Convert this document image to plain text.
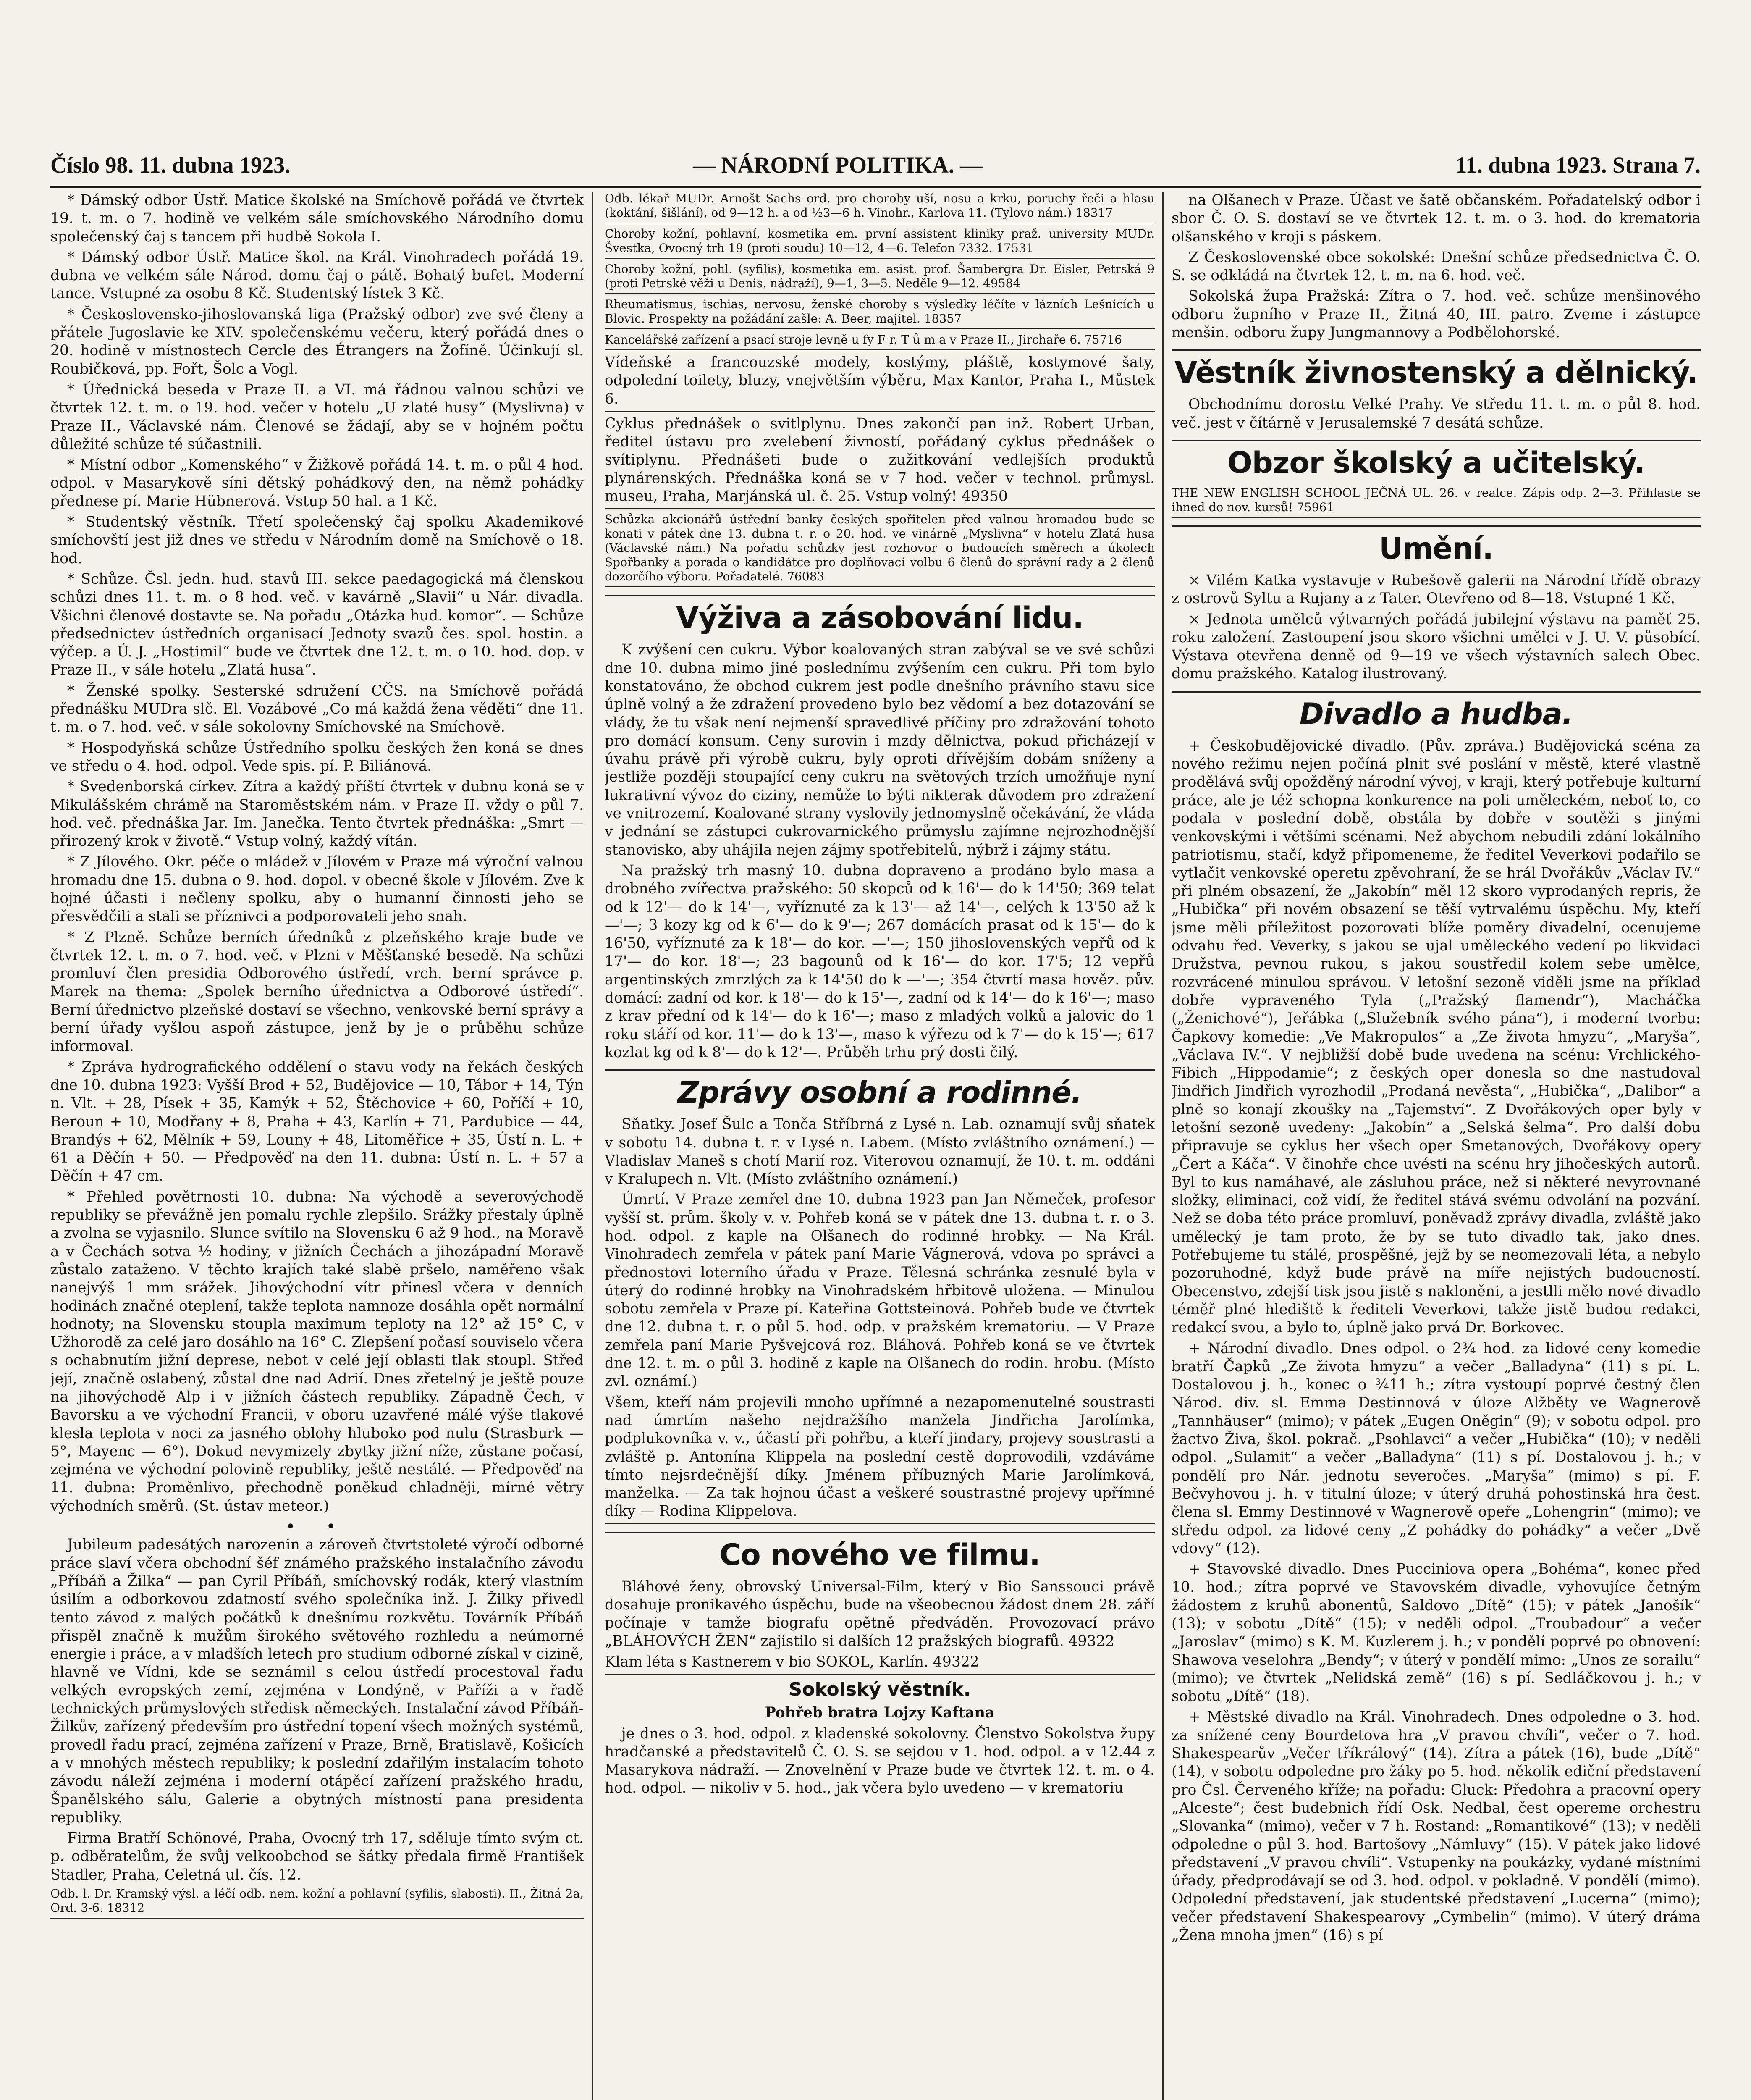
Číslo 98. 11. dubna 1923.	— NÁRODNÍ POLITIKA. —	11. dubna 1923. Strana 7.

* Dámský odbor Ústř. Matice školské na Smíchově pořádá ve čtvrtek 19. t. m. o 7. hodině ve velkém sále smíchovského Národního domu společenský čaj s tancem při hudbě Sokola I.

* Dámský odbor Ústř. Matice škol. na Král. Vinohradech pořádá 19. dubna ve velkém sále Národ. domu čaj o pátě. Bohatý bufet. Moderní tance. Vstupné za osobu 8 Kč. Studentský lístek 3 Kč.

* Československo-jihoslovanská liga (Pražský odbor) zve své členy a přátele Jugoslavie ke XIV. společenskému večeru, který pořádá dnes o 20. hodině v místnostech Cercle des Étrangers na Žofíně. Účinkují sl. Roubičková, pp. Fořt, Šolc a Vogl.

* Úřednická beseda v Praze II. a VI. má řádnou valnou schůzi ve čtvrtek 12. t. m. o 19. hod. večer v hotelu „U zlaté husy“ (Myslivna) v Praze II., Václavské nám. Členové se žádají, aby se v hojném počtu důležité schůze té súčastnili.

* Místní odbor „Komenského“ v Žižkově pořádá 14. t. m. o půl 4 hod. odpol. v Masarykově síni dětský pohádkový den, na němž pohádky přednese pí. Marie Hübnerová. Vstup 50 hal. a 1 Kč.

* Studentský věstník. Třetí společenský čaj spolku Akademikové smíchovští jest již dnes ve středu v Národním domě na Smíchově o 18. hod.

* Schůze. Čsl. jedn. hud. stavů III. sekce paedagogická má členskou schůzi dnes 11. t. m. o 8 hod. več. v kavárně „Slavii“ u Nár. divadla. Všichni členové dostavte se. Na pořadu „Otázka hud. komor“. — Schůze předsednictev ústředních organisací Jednoty svazů čes. spol. hostin. a výčep. a Ú. J. „Hostimil“ bude ve čtvrtek dne 12. t. m. o 10. hod. dop. v Praze II., v sále hotelu „Zlatá husa“.

* Ženské spolky. Sesterské sdružení CČS. na Smíchově pořádá přednášku MUDra slč. El. Vozábové „Co má každá žena věděti“ dne 11. t. m. o 7. hod. več. v sále sokolovny Smíchovské na Smíchově.

* Hospodyňská schůze Ústředního spolku českých žen koná se dnes ve středu o 4. hod. odpol. Vede spis. pí. P. Biliánová.

* Svedenborská církev. Zítra a každý příští čtvrtek v dubnu koná se v Mikulášském chrámě na Staroměstském nám. v Praze II. vždy o půl 7. hod. več. přednáška Jar. Im. Janečka. Tento čtvrtek přednáška: „Smrt — přirozený krok v životě.“ Vstup volný, každý vítán.

* Z Jílového. Okr. péče o mládež v Jílovém v Praze má výroční valnou hromadu dne 15. dubna o 9. hod. dopol. v obecné škole v Jílovém. Zve k hojné účasti i nečleny spolku, aby o humanní činnosti jeho se přesvědčili a stali se příznivci a podporovateli jeho snah.

* Z Plzně. Schůze berních úředníků z plzeňského kraje bude ve čtvrtek 12. t. m. o 7. hod. več. v Plzni v Měšťanské besedě. Na schůzi promluví člen presidia Odborového ústředí, vrch. berní správce p. Marek na thema: „Spolek berního úřednictva a Odborové ústředí“. Berní úřednictvo plzeňské dostaví se všechno, venkovské berní správy a berní úřady vyšlou aspoň zástupce, jenž by je o průběhu schůze informoval.

* Zpráva hydrografického oddělení o stavu vody na řekách českých dne 10. dubna 1923: Vyšší Brod + 52, Budějovice — 10, Tábor + 14, Týn n. Vlt. + 28, Písek + 35, Kamýk + 52, Štěchovice + 60, Poříčí + 10, Beroun + 10, Modřany + 8, Praha + 43, Karlín + 71, Pardubice — 44, Brandýs + 62, Mělník + 59, Louny + 48, Litoměřice + 35, Ústí n. L. + 61 a Děčín + 50. — Předpověď na den 11. dubna: Ústí n. L. + 57 a Děčín + 47 cm.

* Přehled povětrnosti 10. dubna: Na východě a severovýchodě republiky se převážně jen pomalu rychle zlepšilo. Srážky přestaly úplně a zvolna se vyjasnilo. Slunce svítilo na Slovensku 6 až 9 hod., na Moravě a v Čechách sotva ½ hodiny, v jižních Čechách a jihozápadní Moravě zůstalo zataženo. V těchto krajích také slabě pršelo, naměřeno však nanejvýš 1 mm srážek. Jihovýchodní vítr přinesl včera v denních hodinách značné oteplení, takže teplota namnoze dosáhla opět normální hodnoty; na Slovensku stoupla maximum teploty na 12° až 15° C, v Užhorodě za celé jaro dosáhlo na 16° C. Zlepšení počasí souviselo včera s ochabnutím jižní deprese, nebot v celé její oblasti tlak stoupl. Střed její, značně oslabený, zůstal dne nad Adrií. Dnes zřetelný je ještě pouze na jihovýchodě Alp i v jižních částech republiky. Západně Čech, v Bavorsku a ve východní Francii, v oboru uzavřené málé výše tlakové klesla teplota v noci za jasného oblohy hluboko pod nulu (Strasburk — 5°, Mayenc — 6°). Dokud nevymizely zbytky jižní níže, zůstane počasí, zejména ve východní polovině republiky, ještě nestálé. — Předpověď na 11. dubna: Proměnlivo, přechodně poněkud chladněji, mírné větry východních směrů. (St. ústav meteor.)

• •

Jubileum padesátých narozenin a zároveň čtvrtstoleté výročí odborné práce slaví včera obchodní šéf známého pražského instalačního závodu „Příbáň a Žilka“ — pan Cyril Příbáň, smíchovský rodák, který vlastním úsilím a odborkovou zdatností svého společníka inž. J. Žilky přivedl tento závod z malých počátků k dnešnímu rozkvětu. Továrník Příbáň přispěl značně k mužům širokého světového rozhledu a neúmorné energie i práce, a v mladších letech pro studium odborné získal v cizině, hlavně ve Vídni, kde se seznámil s celou ústředí procestoval řadu velkých evropských zemí, zejména v Londýně, v Paříži a v řadě technických průmyslových středisk německých. Instalační závod Příbáň-Žilkův, zařízený především pro ústřední topení všech možných systémů, provedl řadu prací, zejména zařízení v Praze, Brně, Bratislavě, Košicích a v mnohých městech republiky; k poslední zdařilým instalacím tohoto závodu náleží zejména i moderní otápěcí zařízení pražského hradu, Španělského sálu, Galerie a obytných místností pana presidenta republiky.

Firma Bratří Schönové, Praha, Ovocný trh 17, sděluje tímto svým ct. p. odběratelům, že svůj velkoobchod se šátky předala firmě František Stadler, Praha, Celetná ul. čís. 12.

Odb. l. Dr. Kramský výsl. a léčí odb. nem. kožní a pohlavní (syfilis, slabosti). II., Žitná 2a, Ord. 3-6. 18312

Odb. lékař MUDr. Arnošt Sachs ord. pro choroby uší, nosu a krku, poruchy řeči a hlasu (koktání, šišlání), od 9—12 h. a od ½3—6 h. Vinohr., Karlova 11. (Tylovo nám.) 18317

Choroby kožní, pohlavní, kosmetika em. první assistent kliniky praž. university MUDr. Švestka, Ovocný trh 19 (proti soudu) 10—12, 4—6. Telefon 7332. 17531

Choroby kožní, pohl. (syfilis), kosmetika em. asist. prof. Šambergra Dr. Eisler, Petrská 9 (proti Petrské věži u Denis. nádraží), 9—1, 3—5. Neděle 9—12. 49584

Rheumatismus, ischias, nervosu, ženské choroby s výsledky léčíte v lázních Lešnicích u Blovic. Prospekty na požádání zašle: A. Beer, majitel. 18357

Kancelářské zařízení a psací stroje levně u fy F r. T ů m a v Praze II., Jirchaře 6. 75716

Vídeňské a francouzské modely, kostýmy, pláště, kostymové šaty, odpolední toilety, bluzy, vnejvětším výběru, Max Kantor, Praha I., Můstek 6.

Cyklus přednášek o svitlplynu. Dnes zakončí pan inž. Robert Urban, ředitel ústavu pro zvelebení živností, pořádaný cyklus přednášek o svítiplynu. Přednášeti bude o zužitkování vedlejších produktů plynárenských. Přednáška koná se v 7 hod. večer v technol. průmysl. museu, Praha, Marjánská ul. č. 25. Vstup volný! 49350

Schůzka akcionářů ústřední banky českých spořitelen před valnou hromadou bude se konati v pátek dne 13. dubna t. r. o 20. hod. ve vinárně „Myslivna“ v hotelu Zlatá husa (Václavské nám.) Na pořadu schůzky jest rozhovor o budoucích směrech a úkolech Spořbanky a porada o kandidátce pro doplňovací volbu 6 členů do správní rady a 2 členů dozorčího výboru. Pořadatelé. 76083

Výživa a zásobování lidu.

K zvýšení cen cukru. Výbor koalovaných stran zabýval se ve své schůzi dne 10. dubna mimo jiné poslednímu zvýšením cen cukru. Při tom bylo konstatováno, že obchod cukrem jest podle dnešního právního stavu sice úplně volný a že zdražení provedeno bylo bez vědomí a bez dotazování se vlády, že tu však není nejmenší spravedlivé příčiny pro zdražování tohoto pro domácí konsum. Ceny surovin i mzdy dělnictva, pokud přicházejí v úvahu právě při výrobě cukru, byly oproti dřívějším dobám sníženy a jestliže později stoupající ceny cukru na světových trzích umožňuje nyní lukrativní vývoz do ciziny, nemůže to býti nikterak důvodem pro zdražení ve vnitrozemí. Koalované strany vyslovily jednomyslně očekávání, že vláda v jednání se zástupci cukrovarnického průmyslu zajímne nejrozhodnější stanovisko, aby uhájila nejen zájmy spotřebitelů, nýbrž i zájmy státu.

Na pražský trh masný 10. dubna dopraveno a prodáno bylo masa a drobného zvířectva pražského: 50 skopců od k 16'— do k 14'50; 369 telat od k 12'— do k 14'—, vyříznuté za k 13'— až 14'—, celých k 13'50 až k —'—; 3 kozy kg od k 6'— do k 9'—; 267 domácích prasat od k 15'— do k 16'50, vyříznuté za k 18'— do kor. —'—; 150 jihoslovenských vepřů od k 17'— do kor. 18'—; 23 bagounů od k 16'— do kor. 17'5; 12 vepřů argentinských zmrzlých za k 14'50 do k —'—; 354 čtvrtí masa hověz. pův. domácí: zadní od kor. k 18'— do k 15'—, zadní od k 14'— do k 16'—; maso z krav přední od k 14'— do k 16'—; maso z mladých volků a jalovic do 1 roku stáří od kor. 11'— do k 13'—, maso k výřezu od k 7'— do k 15'—; 617 kozlat kg od k 8'— do k 12'—. Průběh trhu prý dosti čilý.

Zprávy osobní a rodinné.

Sňatky. Josef Šulc a Tonča Stříbrná z Lysé n. Lab. oznamují svůj sňatek v sobotu 14. dubna t. r. v Lysé n. Labem. (Místo zvláštního oznámení.) — Vladislav Maneš s chotí Marií roz. Viterovou oznamují, že 10. t. m. oddáni v Kralupech n. Vlt. (Místo zvláštního oznámení.)

Úmrtí. V Praze zemřel dne 10. dubna 1923 pan Jan Němeček, profesor vyšší st. prům. školy v. v. Pohřeb koná se v pátek dne 13. dubna t. r. o 3. hod. odpol. z kaple na Olšanech do rodinné hrobky. — Na Král. Vinohradech zemřela v pátek paní Marie Vágnerová, vdova po správci a přednostovi loterního úřadu v Praze. Tělesná schránka zesnulé byla v úterý do rodinné hrobky na Vinohradském hřbitově uložena. — Minulou sobotu zemřela v Praze pí. Kateřina Gottsteinová. Pohřeb bude ve čtvrtek dne 12. dubna t. r. o půl 5. hod. odp. v pražském krematoriu. — V Praze zemřela paní Marie Pyšvejcová roz. Bláhová. Pohřeb koná se ve čtvrtek dne 12. t. m. o půl 3. hodině z kaple na Olšanech do rodin. hrobu. (Místo zvl. oznámí.)

Všem, kteří nám projevili mnoho upřímné a nezapomenutelné soustrasti nad úmrtím našeho nejdražšího manžela Jindřicha Jarolímka, podplukovníka v. v., účastí při pohřbu, a kteří jindary, projevy soustrasti a zvláště p. Antonína Klippela na poslední cestě doprovodili, vzdáváme tímto nejsrdečnější díky. Jménem příbuzných Marie Jarolímková, manželka. — Za tak hojnou účast a veškeré soustrastné projevy upřímné díky — Rodina Klippelova.

Co nového ve filmu.

Bláhové ženy, obrovský Universal-Film, který v Bio Sanssouci právě dosahuje pronikavého úspěchu, bude na všeobecnou žádost dnem 28. září počínaje v tamže biografu opětně předváděn. Provozovací právo „BLÁHOVÝCH ŽEN“ zajistilo si dalších 12 pražských biografů. 49322

Klam léta s Kastnerem v bio SOKOL, Karlín. 49322

Sokolský věstník.

Pohřeb bratra Lojzy Kaftana

je dnes o 3. hod. odpol. z kladenské sokolovny. Členstvo Sokolstva župy hradčanské a představitelů Č. O. S. se sejdou v 1. hod. odpol. a v 12.44 z Masarykova nádraží. — Znovelnění v Praze bude ve čtvrtek 12. t. m. o 4. hod. odpol. — nikoliv v 5. hod., jak včera bylo uvedeno — v krematoriu

na Olšanech v Praze. Účast ve šatě občanském. Pořadatelský odbor i sbor Č. O. S. dostaví se ve čtvrtek 12. t. m. o 3. hod. do krematoria olšanského v kroji s páskem.

Z Československé obce sokolské: Dnešní schůze předsednictva Č. O. S. se odkládá na čtvrtek 12. t. m. na 6. hod. več.

Sokolská župa Pražská: Zítra o 7. hod. več. schůze menšinového odboru župního v Praze II., Žitná 40, III. patro. Zveme i zástupce menšin. odboru župy Jungmannovy a Podbělohorské.

Věstník živnostenský a dělnický.

Obchodnímu dorostu Velké Prahy. Ve středu 11. t. m. o půl 8. hod. več. jest v čítárně v Jerusalemské 7 desátá schůze.

Obzor školský a učitelský.

THE NEW ENGLISH SCHOOL JEČNÁ UL. 26. v realce. Zápis odp. 2—3. Přihlaste se ihned do nov. kursů! 75961

Umění.

× Vilém Katka vystavuje v Rubešově galerii na Národní třídě obrazy z ostrovů Syltu a Rujany a z Tater. Otevřeno od 8—18. Vstupné 1 Kč.

× Jednota umělců výtvarných pořádá jubilejní výstavu na paměť 25. roku založení. Zastoupení jsou skoro všichni umělci v J. U. V. působící. Výstava otevřena denně od 9—19 ve všech výstavních salech Obec. domu pražského. Katalog ilustrovaný.

Divadlo a hudba.

+ Českobudějovické divadlo. (Pův. zpráva.) Budějovická scéna za nového režimu nejen počíná plnit své poslání v městě, které vlastně prodělává svůj opožděný národní vývoj, v kraji, který potřebuje kulturní práce, ale je též schopna konkurence na poli uměleckém, neboť to, co podala v poslední době, obstála by dobře v soutěži s jinými venkovskými i většími scénami. Než abychom nebudili zdání lokálního patriotismu, stačí, když připomeneme, že ředitel Veverkovi podařilo se vytlačit venkovské operetu zpěvohraní, že se hrál Dvořákův „Václav IV.“ při plném obsazení, že „Jakobín“ měl 12 skoro vyprodaných repris, že „Hubička“ při novém obsazení se těší vytrvalému úspěchu. My, kteří jsme měli příležitost pozorovati blíže poměry divadelní, ocenujeme odvahu řed. Veverky, s jakou se ujal uměleckého vedení po likvidaci Družstva, pevnou rukou, s jakou soustředil kolem sebe umělce, rozvrácené minulou správou. V letošní sezoně viděli jsme na příklad dobře vypraveného Tyla („Pražský flamendr“), Macháčka („Ženichové“), Jeřábka („Služebník svého pána“), i moderní tvorbu: Čapkovy komedie: „Ve Makropulos“ a „Ze života hmyzu“, „Maryša“, „Václava IV.“. V nejbližší době bude uvedena na scénu: Vrchlického-Fibich „Hippodamie“; z českých oper donesla so dne nastudoval Jindřich Jindřich vyrozhodil „Prodaná nevěsta“, „Hubička“, „Dalibor“ a plně so konají zkoušky na „Tajemství“. Z Dvořákových oper byly v letošní sezoně uvedeny: „Jakobín“ a „Selská šelma“. Pro další dobu připravuje se cyklus her všech oper Smetanových, Dvořákovy opery „Čert a Káča“. V činohře chce uvésti na scénu hry jihočeských autorů. Byl to kus namáhavé, ale zásluhou práce, než si některé nevyrovnané složky, eliminaci, což vidí, že ředitel stává svému odvolání na pozvání. Než se doba této práce promluví, poněvadž zprávy divadla, zvláště jako umělecký je tam proto, že by se tuto divadlo tak, jako dnes. Potřebujeme tu stálé, prospěšné, jejž by se neomezovali léta, a nebylo pozoruhodné, když bude právě na míře nejistých budoucností. Obecenstvo, zdejší tisk jsou jistě s nakloněni, a jestlli mělo nové divadlo téměř plné hlediště k řediteli Veverkovi, takže jistě budou redakci, redakcí svou, a bylo to, úplně jako prvá Dr. Borkovec.

+ Národní divadlo. Dnes odpol. o 2¾ hod. za lidové ceny komedie bratří Čapků „Ze života hmyzu“ a večer „Balladyna“ (11) s pí. L. Dostalovou j. h., konec o ¾11 h.; zítra vystoupí poprvé čestný člen Národ. div. sl. Emma Destinnová v úloze Alžběty ve Wagnerově „Tannhäuser“ (mimo); v pátek „Eugen Oněgin“ (9); v sobotu odpol. pro žactvo Živa, škol. pokrač. „Psohlavci“ a večer „Hubička“ (10); v neděli odpol. „Sulamit“ a večer „Balladyna“ (11) s pí. Dostalovou j. h.; v pondělí pro Nár. jednotu severočes. „Maryša“ (mimo) s pí. F. Bečvyhovou j. h. v titulní úloze; v úterý druhá pohostinská hra čest. člena sl. Emmy Destinnové v Wagnerově opeře „Lohengrin“ (mimo); ve středu odpol. za lidové ceny „Z pohádky do pohádky“ a večer „Dvě vdovy“ (12).

+ Stavovské divadlo. Dnes Pucciniova opera „Bohéma“, konec před 10. hod.; zítra poprvé ve Stavovském divadle, vyhovujíce četným žádostem z kruhů abonentů, Saldovo „Dítě“ (15); v pátek „Janošík“ (13); v sobotu „Dítě“ (15); v neděli odpol. „Troubadour“ a večer „Jaroslav“ (mimo) s K. M. Kuzlerem j. h.; v pondělí poprvé po obnovení: Shawova veselohra „Bendy“; v úterý v pondělí mimo: „Unos ze sorailu“ (mimo); ve čtvrtek „Nelidská země“ (16) s pí. Sedláčkovou j. h.; v sobotu „Dítě“ (18).

+ Městské divadlo na Král. Vinohradech. Dnes odpoledne o 3. hod. za snížené ceny Bourdetova hra „V pravou chvíli“, večer o 7. hod. Shakespearův „Večer tříkrálový“ (14). Zítra a pátek (16), bude „Dítě“ (14), v sobotu odpoledne pro žáky po 5. hod. několik ediční představení pro Čsl. Červeného kříže; na pořadu: Gluck: Předohra a pracovní opery „Alceste“; čest budebnich řídí Osk. Nedbal, čest opereme orchestru „Slovanka“ (mimo), večer v 7 h. Rostand: „Romantikové“ (13); v neděli odpoledne o půl 3. hod. Bartošovy „Námluvy“ (15). V pátek jako lidové představení „V pravou chvíli“. Vstupenky na poukázky, vydané místními úřady, předprodávají se od 3. hod. odpol. v pokladně. V pondělí (mimo). Odpolední představení, jak studentské představení „Lucerna“ (mimo); večer představení Shakespearovy „Cymbelin“ (mimo). V úterý dráma „Žena mnoha jmen“ (16) s pí
